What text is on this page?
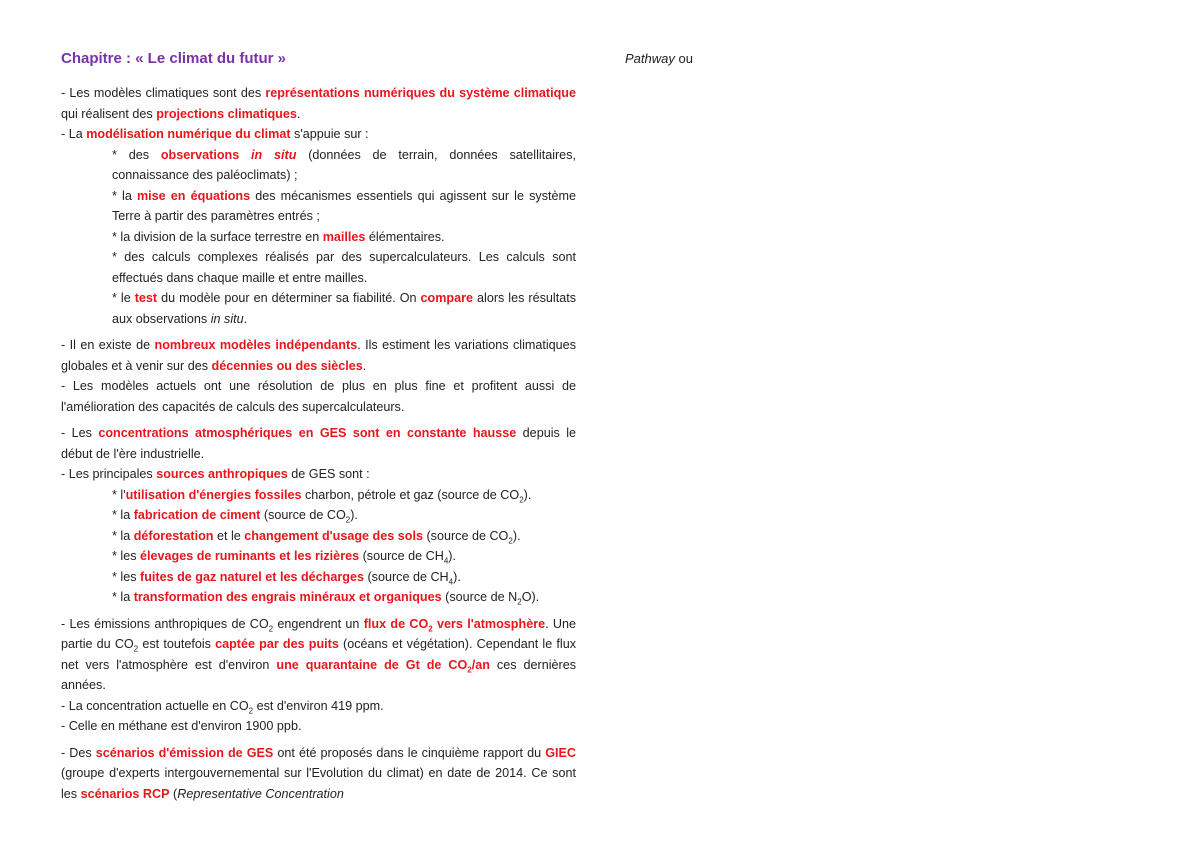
Chapitre : « Le climat du futur »

- Les modèles climatiques sont des représentations numériques du système climatique qui réalisent des projections climatiques.

- La modélisation numérique du climat s'appuie sur :

* des observations in situ (données de terrain, données satellitaires, connaissance des paléoclimats) ;

* la mise en équations des mécanismes essentiels qui agissent sur le système Terre à partir des paramètres entrés ;

* la division de la surface terrestre en mailles élémentaires.

* des calculs complexes réalisés par des supercalculateurs. Les calculs sont effectués dans chaque maille et entre mailles.

* le test du modèle pour en déterminer sa fiabilité. On compare alors les résultats aux observations in situ.

- Il en existe de nombreux modèles indépendants. Ils estiment les variations climatiques globales et à venir sur des décennies ou des siècles.

- Les modèles actuels ont une résolution de plus en plus fine et profitent aussi de l'amélioration des capacités de calculs des supercalculateurs.

- Les concentrations atmosphériques en GES sont en constante hausse depuis le début de l'ère industrielle.

- Les principales sources anthropiques de GES sont :

* l'utilisation d'énergies fossiles charbon, pétrole et gaz (source de $CO_2$).

* la fabrication de ciment (source de $CO_2$).

* la déforestation et le changement d'usage des sols (source de $CO_2$).

* les élevages de ruminants et les rizières (source de $CH_4$).

* les fuites de gaz naturel et les décharges (source de $CH_4$).

* la transformation des engrais minéraux et organiques (source de $N_2O$).

- Les émissions anthropiques de $CO_2$ engendrent un flux de $CO_2$ vers l'atmosphère. Une partie du $CO_2$ est toutefois captée par des puits (océans et végétation). Cependant le flux net vers l'atmosphère est d'environ une quarantaine de Gt de $CO_2/an$ ces dernières années.

- La concentration actuelle en $CO_2$ est d'environ 419 ppm.

- Celle en méthane est d'environ 1900 ppb.

- Des scénarios d'émission de GES ont été proposés dans le cinquième rapport du GIEC (groupe d'experts intergouvernemental sur l'Evolution du climat) en date de 2014. Ce sont les scénarios RCP (Representative Concentration

Pathway ou
